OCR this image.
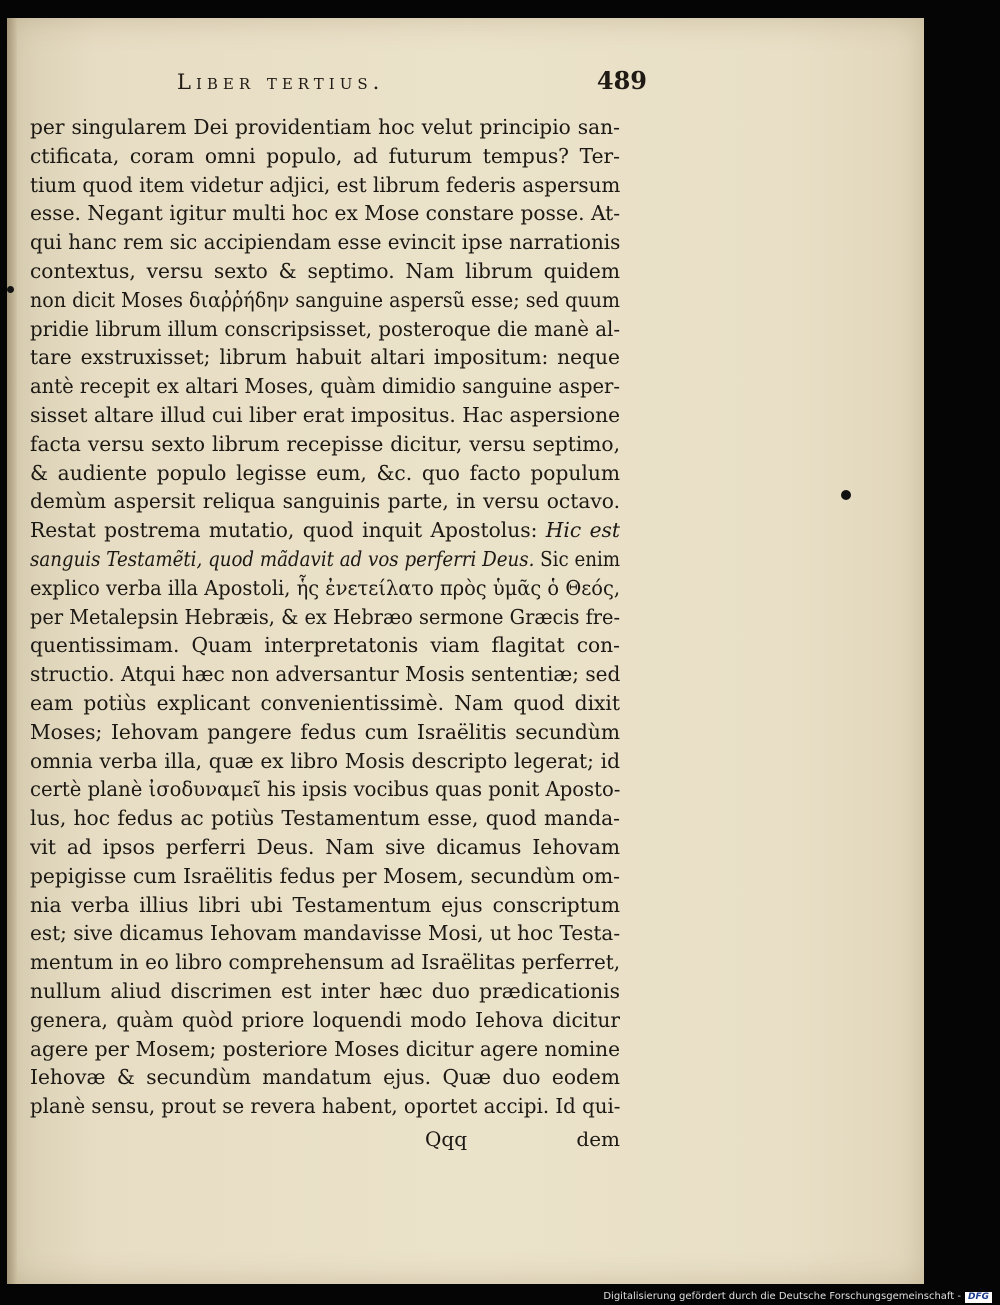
Liber tertius.	489
per singularem Dei providentiam hoc velut principio san-
ctificata, coram omni populo, ad futurum tempus? Ter-
tium quod item videtur adjici, est librum federis aspersum
esse. Negant igitur multi hoc ex Mose constare posse. At-
qui hanc rem sic accipiendam esse evincit ipse narrationis
contextus, versu sexto & septimo. Nam librum quidem
non dicit Moses διαῤῥήδην sanguine aspersũ esse; sed quum
pridie librum illum conscripsisset, posteroque die manè al-
tare exstruxisset; librum habuit altari impositum: neque
antè recepit ex altari Moses, quàm dimidio sanguine asper-
sisset altare illud cui liber erat impositus. Hac aspersione
facta versu sexto librum recepisse dicitur, versu septimo,
& audiente populo legisse eum, &c. quo facto populum
demùm aspersit reliqua sanguinis parte, in versu octavo.
Restat postrema mutatio, quod inquit Apostolus: Hic est
sanguis Testamẽti, quod mãdavit ad vos perferri Deus. Sic enim
explico verba illa Apostoli, ἧς ἐνετείλατο πρὸς ὑμᾶς ὁ Θεός,
per Metalepsin Hebræis, & ex Hebræo sermone Græcis fre-
quentissimam. Quam interpretatonis viam flagitat con-
structio. Atqui hæc non adversantur Mosis sententiæ; sed
eam potiùs explicant convenientissimè. Nam quod dixit
Moses; Iehovam pangere fedus cum Israëlitis secundùm
omnia verba illa, quæ ex libro Mosis descripto legerat; id
certè planè ἰσοδυναμεῖ his ipsis vocibus quas ponit Aposto-
lus, hoc fedus ac potiùs Testamentum esse, quod manda-
vit ad ipsos perferri Deus. Nam sive dicamus Iehovam
pepigisse cum Israëlitis fedus per Mosem, secundùm om-
nia verba illius libri ubi Testamentum ejus conscriptum
est; sive dicamus Iehovam mandavisse Mosi, ut hoc Testa-
mentum in eo libro comprehensum ad Israëlitas perferret,
nullum aliud discrimen est inter hæc duo prædicationis
genera, quàm quòd priore loquendi modo Iehova dicitur
agere per Mosem; posteriore Moses dicitur agere nomine
Iehovæ & secundùm mandatum ejus. Quæ duo eodem
planè sensu, prout se revera habent, oportet accipi. Id qui-
Qqq	dem
Digitalisierung gefördert durch die Deutsche Forschungsgemeinschaft - DFG
